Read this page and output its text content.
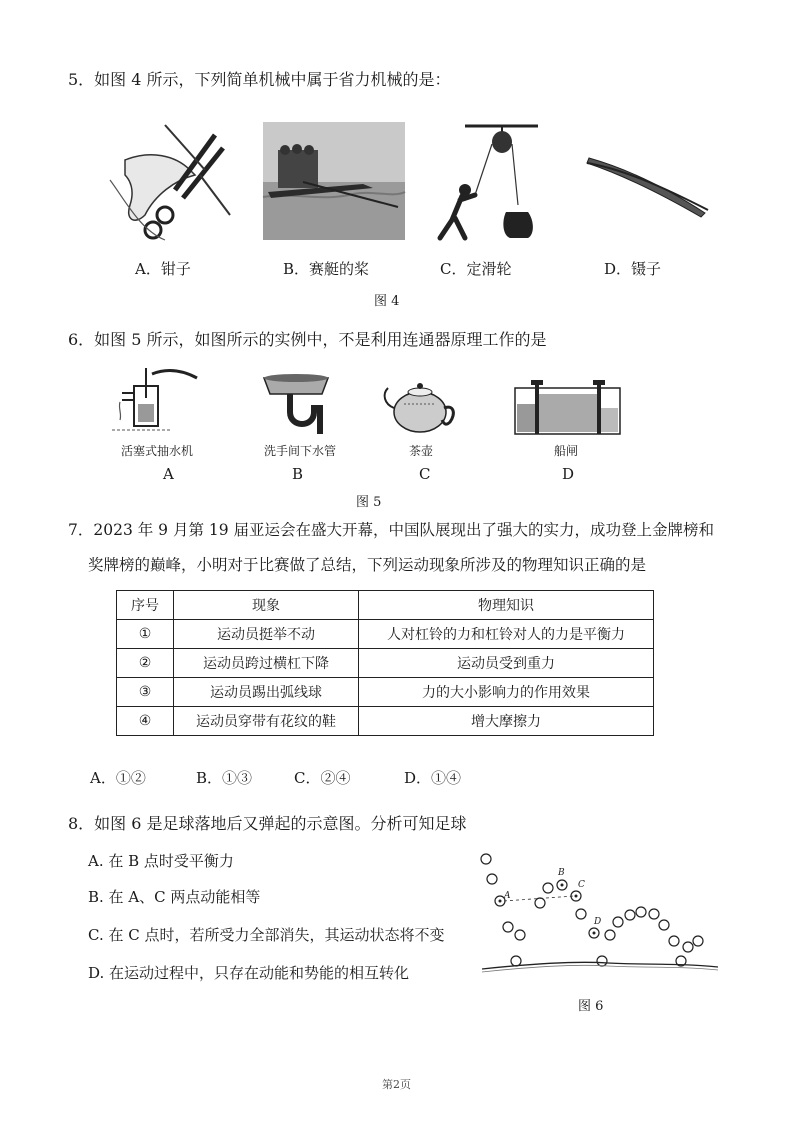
5．如图 4 所示，下列简单机械中属于省力机械的是：
A．钳子	B．赛艇的桨	C．定滑轮	D．镊子
图 4
6．如图 5 所示，如图所示的实例中，不是利用连通器原理工作的是
活塞式抽水机	洗手间下水管	茶壶	船闸
A	B	C	D
图 5
7．2023 年 9 月第 19 届亚运会在盛大开幕，中国队展现出了强大的实力，成功登上金牌榜和
奖牌榜的巅峰，小明对于比赛做了总结，下列运动现象所涉及的物理知识正确的是
序号	现象	物理知识
①	运动员挺举不动	人对杠铃的力和杠铃对人的力是平衡力
②	运动员跨过横杠下降	运动员受到重力
③	运动员踢出弧线球	力的大小影响力的作用效果
④	运动员穿带有花纹的鞋	增大摩擦力
A．①②	B．①③	C．②④	D．①④
8．如图 6 是足球落地后又弹起的示意图。分析可知足球
A. 在 B 点时受平衡力
B. 在 A、C 两点动能相等
C. 在 C 点时，若所受力全部消失，其运动状态将不变
D. 在运动过程中，只存在动能和势能的相互转化
A
B
C
D
图 6
第2页
